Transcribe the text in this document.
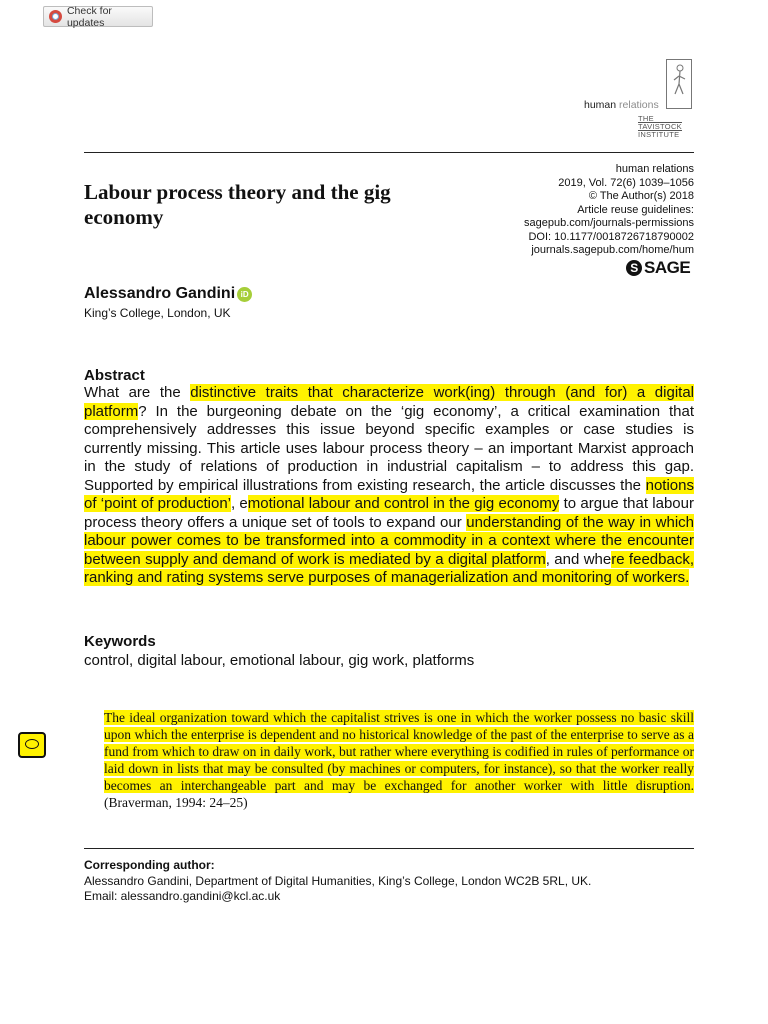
Check for updates
human relations
THE
TAVISTOCK
INSTITUTE
human relations
2019, Vol. 72(6) 1039–1056
© The Author(s) 2018
Article reuse guidelines:
sagepub.com/journals-permissions
DOI: 10.1177/0018726718790002
journals.sagepub.com/home/hum
S SAGE
Labour process theory and the gig economy
Alessandro Gandini iD
King’s College, London, UK
Abstract

What are the distinctive traits that characterize work(ing) through (and for) a digital platform? In the burgeoning debate on the ‘gig economy’, a critical examination that comprehensively addresses this issue beyond specific examples or case studies is currently missing. This article uses labour process theory – an important Marxist approach in the study of relations of production in industrial capitalism – to address this gap. Supported by empirical illustrations from existing research, the article discusses the notions of ‘point of production’, emotional labour and control in the gig economy to argue that labour process theory offers a unique set of tools to expand our understanding of the way in which labour power comes to be transformed into a commodity in a context where the encounter between supply and demand of work is mediated by a digital platform, and where feedback, ranking and rating systems serve purposes of managerialization and monitoring of workers.

Keywords
control, digital labour, emotional labour, gig work, platforms

The ideal organization toward which the capitalist strives is one in which the worker possess no basic skill upon which the enterprise is dependent and no historical knowledge of the past of the enterprise to serve as a fund from which to draw on in daily work, but rather where everything is codified in rules of performance or laid down in lists that may be consulted (by machines or computers, for instance), so that the worker really becomes an interchangeable part and may be exchanged for another worker with little disruption. (Braverman, 1994: 24–25)

Corresponding author:
Alessandro Gandini, Department of Digital Humanities, King’s College, London WC2B 5RL, UK.
Email: alessandro.gandini@kcl.ac.uk
